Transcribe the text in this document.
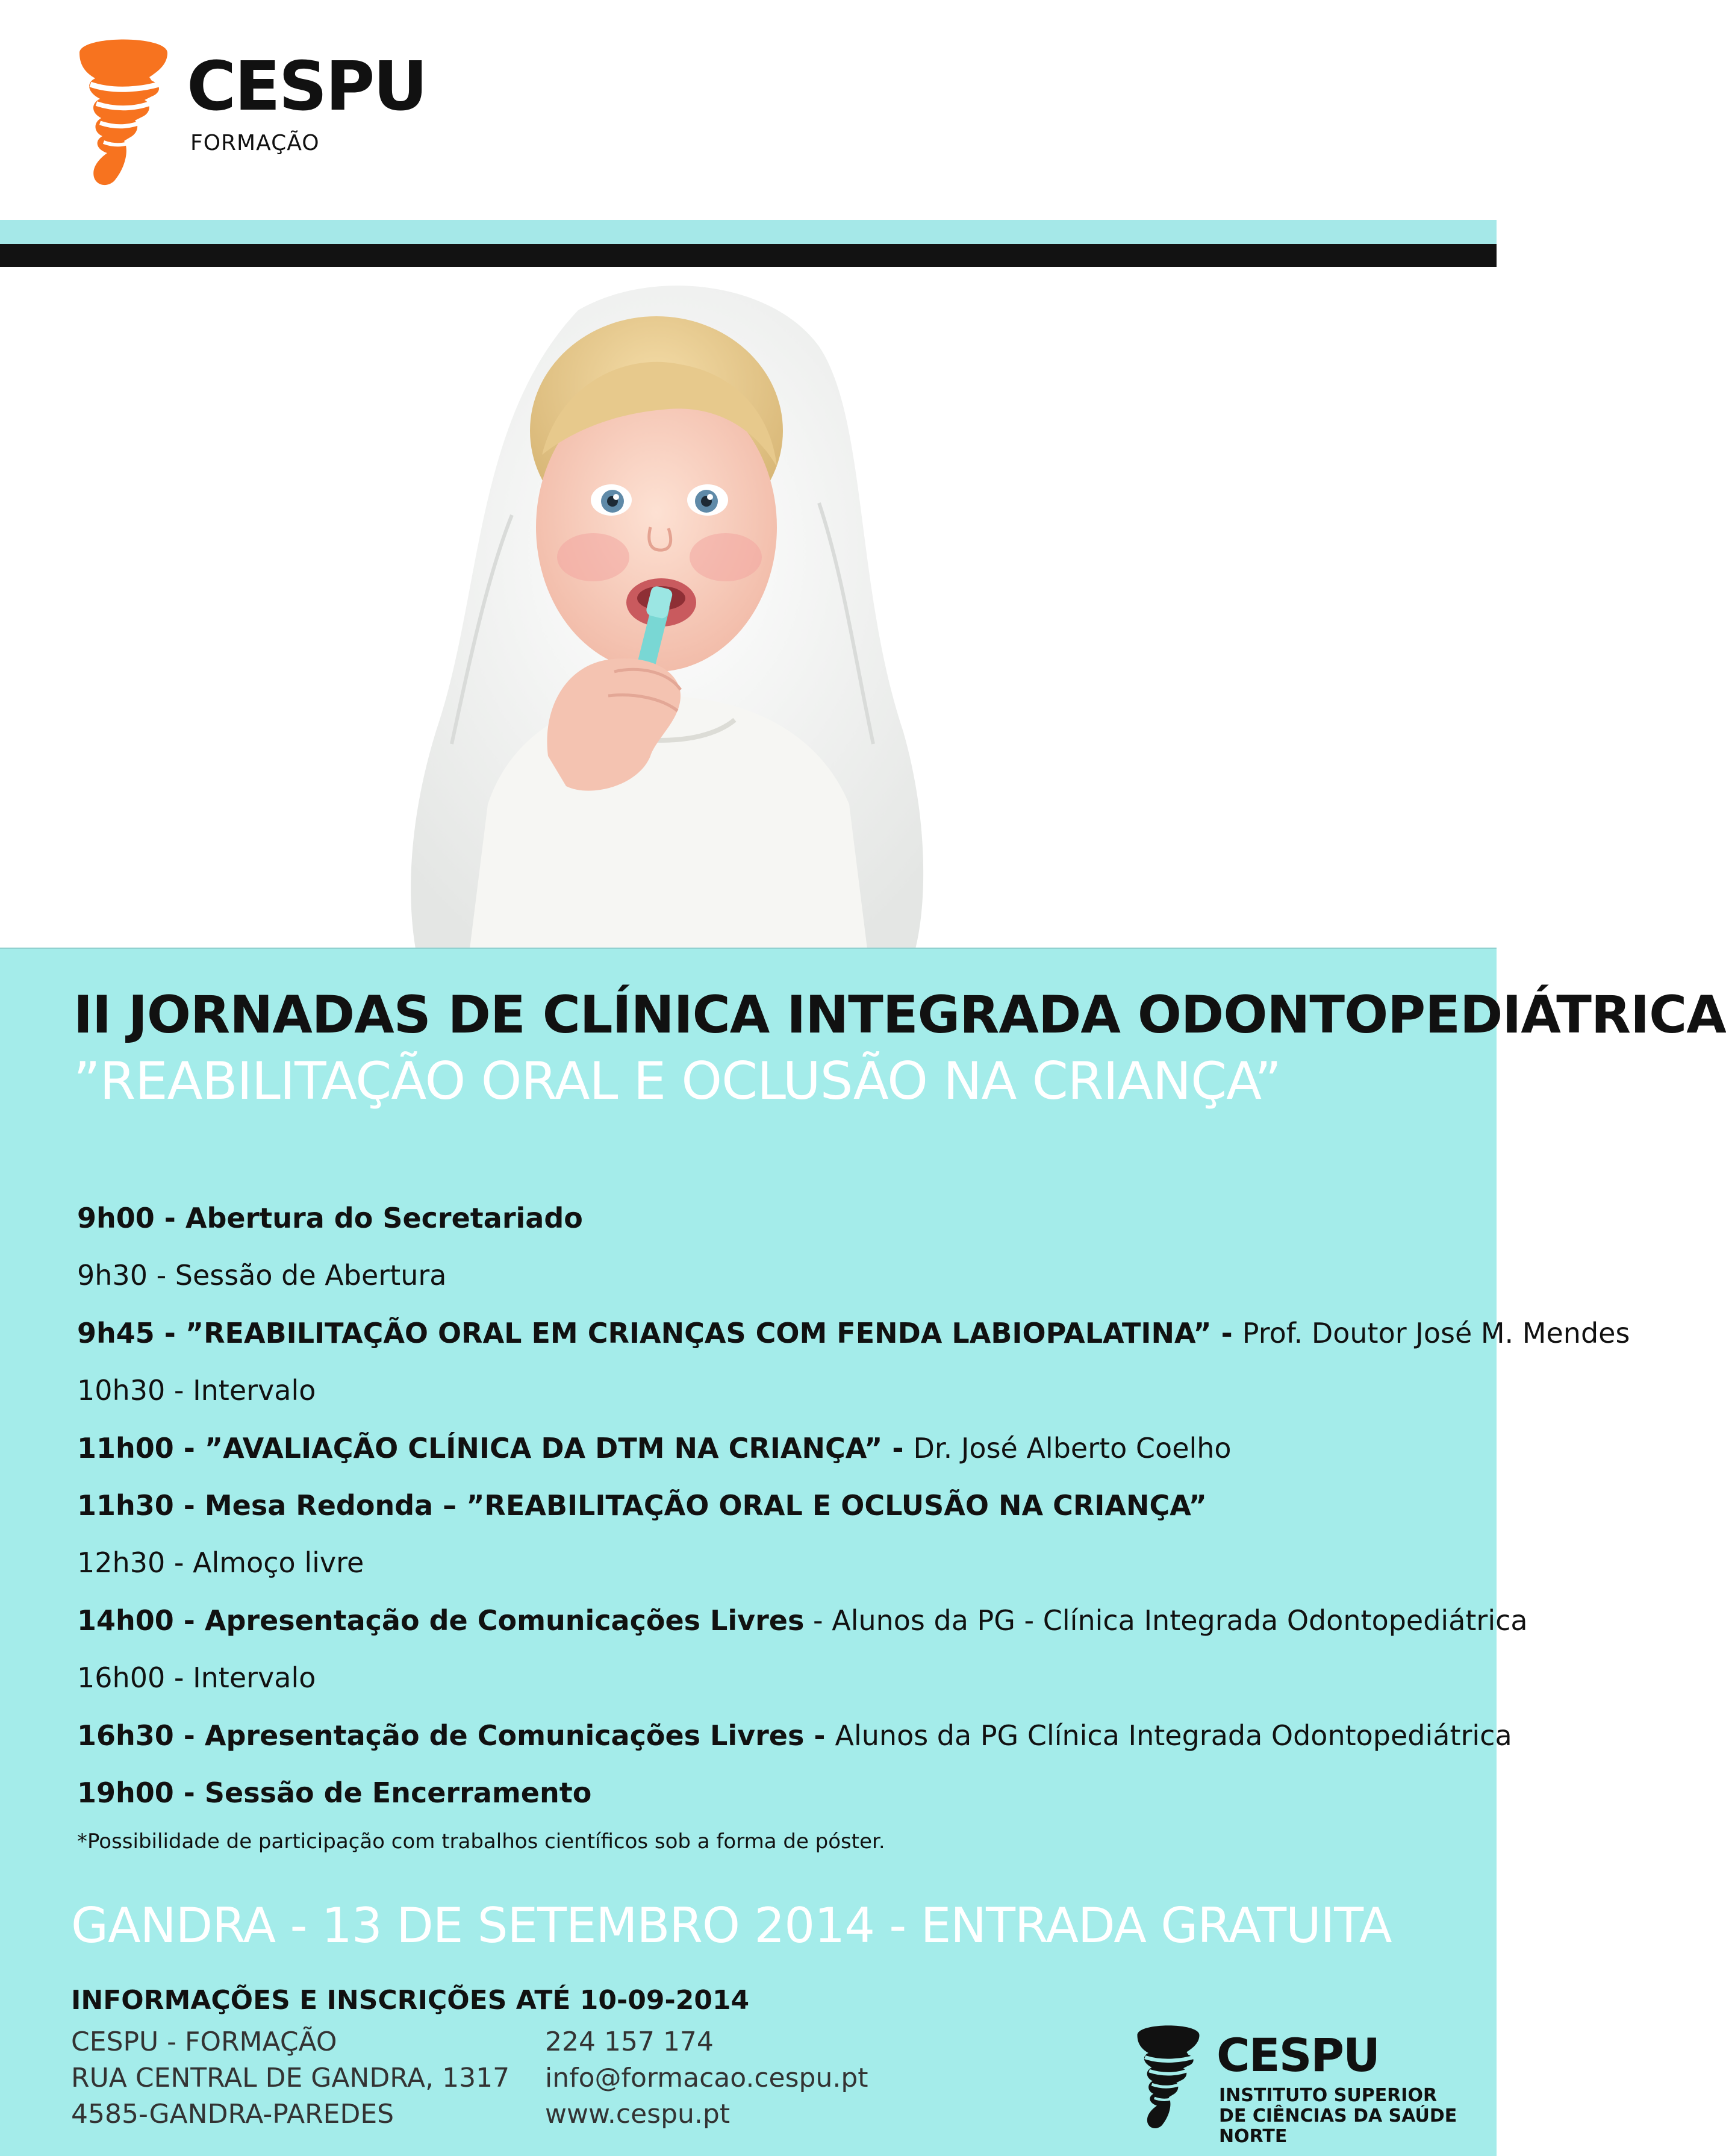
CESPU
FORMAÇÃO
II JORNADAS DE CLÍNICA INTEGRADA ODONTOPEDIÁTRICA
”REABILITAÇÃO ORAL E OCLUSÃO NA CRIANÇA”
9h00 - Abertura do Secretariado
9h30 - Sessão de Abertura
9h45 - ”REABILITAÇÃO ORAL EM CRIANÇAS COM FENDA LABIOPALATINA” - Prof. Doutor José M. Mendes
10h30 - Intervalo
11h00 - ”AVALIAÇÃO CLÍNICA DA DTM NA CRIANÇA” - Dr. José Alberto Coelho
11h30 - Mesa Redonda – ”REABILITAÇÃO ORAL E OCLUSÃO NA CRIANÇA”
12h30 - Almoço livre
14h00 - Apresentação de Comunicações Livres - Alunos da PG - Clínica Integrada Odontopediátrica
16h00 - Intervalo
16h30 - Apresentação de Comunicações Livres - Alunos da PG Clínica Integrada Odontopediátrica
19h00 - Sessão de Encerramento
*Possibilidade de participação com trabalhos científicos sob a forma de póster.
GANDRA - 13 DE SETEMBRO 2014 - ENTRADA GRATUITA
INFORMAÇÕES E INSCRIÇÕES ATÉ 10-09-2014
CESPU - FORMAÇÃO
RUA CENTRAL DE GANDRA, 1317
4585-GANDRA-PAREDES
224 157 174
info@formacao.cespu.pt
www.cespu.pt
CESPU
INSTITUTO SUPERIOR
DE CIÊNCIAS DA SAÚDE
NORTE
